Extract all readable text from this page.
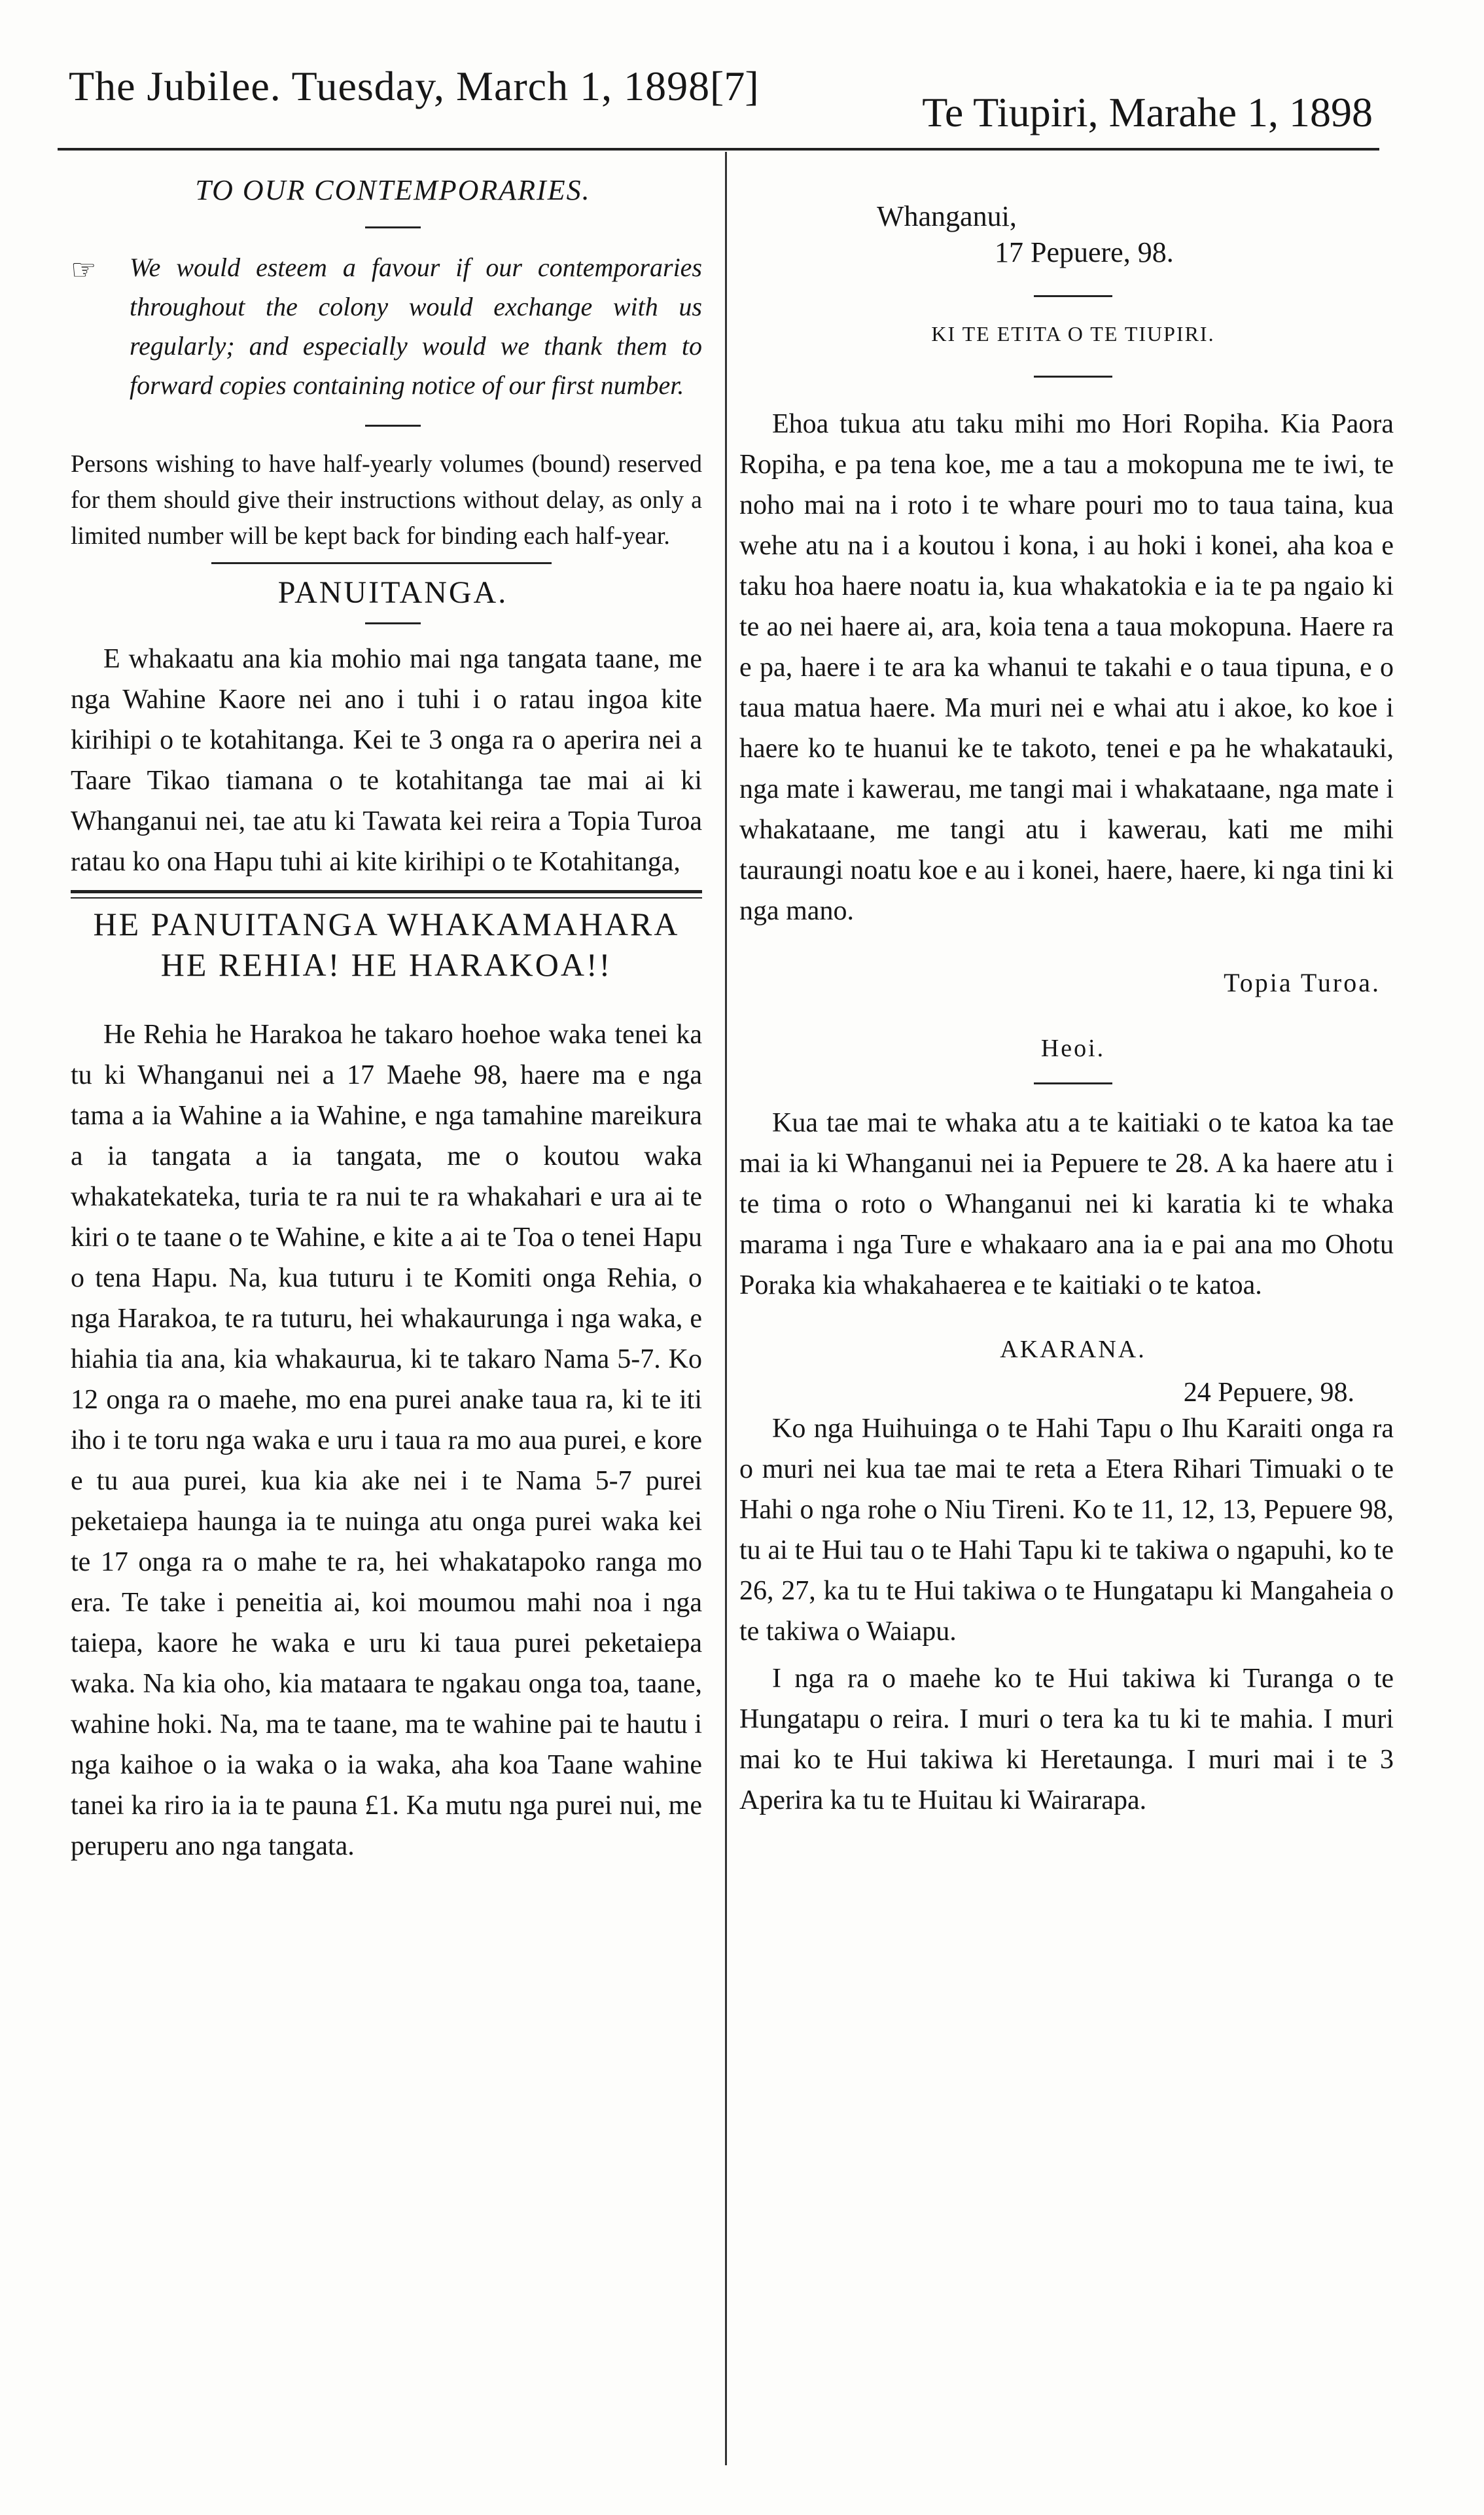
The Jubilee. Tuesday, March 1, 1898 [7]
Te Tiupiri, Marahe 1, 1898

TO OUR CONTEMPORARIES.

☞ We would esteem a favour if our contemporaries throughout the colony would exchange with us regularly; and especially would we thank them to forward copies containing notice of our first number.

Persons wishing to have half-yearly volumes (bound) reserved for them should give their instructions without delay, as only a limited number will be kept back for binding each half-year.

PANUITANGA.

E whakaatu ana kia mohio mai nga tangata taane, me nga Wahine Kaore nei ano i tuhi i o ratau ingoa kite kirihipi o te kotahitanga. Kei te 3 onga ra o aperira nei a Taare Tikao tiamana o te kotahitanga tae mai ai ki Whanganui nei, tae atu ki Tawata kei reira a Topia Turoa ratau ko ona Hapu tuhi ai kite kirihipi o te Kotahitanga,

HE PANUITANGA WHAKAMAHARA

HE REHIA! HE HARAKOA!!

He Rehia he Harakoa he takaro hoehoe waka tenei ka tu ki Whanganui nei a 17 Maehe 98, haere ma e nga tama a ia Wahine a ia Wahine, e nga tamahine mareikura a ia tangata a ia tangata, me o koutou waka whakatekateka, turia te ra nui te ra whakahari e ura ai te kiri o te taane o te Wahine, e kite a ai te Toa o tenei Hapu o tena Hapu. Na, kua tuturu i te Komiti onga Rehia, o nga Harakoa, te ra tuturu, hei whakaurunga i nga waka, e hiahia tia ana, kia whakaurua, ki te takaro Nama 5-7. Ko 12 onga ra o maehe, mo ena purei anake taua ra, ki te iti iho i te toru nga waka e uru i taua ra mo aua purei, e kore e tu aua purei, kua kia ake nei i te Nama 5-7 purei peketaiepa haunga ia te nuinga atu onga purei waka kei te 17 onga ra o mahe te ra, hei whakatapoko ranga mo era. Te take i peneitia ai, koi moumou mahi noa i nga taiepa, kaore he waka e uru ki taua purei peketaiepa waka. Na kia oho, kia mataara te ngakau onga toa, taane, wahine hoki. Na, ma te taane, ma te wahine pai te hautu i nga kaihoe o ia waka o ia waka, aha koa Taane wahine tanei ka riro ia ia te pauna £1. Ka mutu nga purei nui, me peruperu ano nga tangata.

Whanganui,

17 Pepuere, 98.

KI TE ETITA O TE TIUPIRI.

Ehoa tukua atu taku mihi mo Hori Ropiha. Kia Paora Ropiha, e pa tena koe, me a tau a mokopuna me te iwi, te noho mai na i roto i te whare pouri mo to taua taina, kua wehe atu na i a koutou i kona, i au hoki i konei, aha koa e taku hoa haere noatu ia, kua whakatokia e ia te pa ngaio ki te ao nei haere ai, ara, koia tena a taua mokopuna. Haere ra e pa, haere i te ara ka whanui te takahi e o taua tipuna, e o taua matua haere. Ma muri nei e whai atu i akoe, ko koe i haere ko te huanui ke te takoto, tenei e pa he whakatauki, nga mate i kawerau, me tangi mai i whakataane, nga mate i whakataane, me tangi atu i kawerau, kati me mihi tauraungi noatu koe e au i konei, haere, haere, ki nga tini ki nga mano.

Topia Turoa.

Heoi.

Kua tae mai te whaka atu a te kaitiaki o te katoa ka tae mai ia ki Whanganui nei ia Pepuere te 28. A ka haere atu i te tima o roto o Whanganui nei ki karatia ki te whaka marama i nga Ture e whakaaro ana ia e pai ana mo Ohotu Poraka kia whakahaerea e te kaitiaki o te katoa.

AKARANA.

24 Pepuere, 98.

Ko nga Huihuinga o te Hahi Tapu o Ihu Karaiti onga ra o muri nei kua tae mai te reta a Etera Rihari Timuaki o te Hahi o nga rohe o Niu Tireni. Ko te 11, 12, 13, Pepuere 98, tu ai te Hui tau o te Hahi Tapu ki te takiwa o ngapuhi, ko te 26, 27, ka tu te Hui takiwa o te Hungatapu ki Mangaheia o te takiwa o Waiapu.

I nga ra o maehe ko te Hui takiwa ki Turanga o te Hungatapu o reira. I muri o tera ka tu ki te mahia. I muri mai ko te Hui takiwa ki Heretaunga. I muri mai i te 3 Aperira ka tu te Huitau ki Wairarapa.
